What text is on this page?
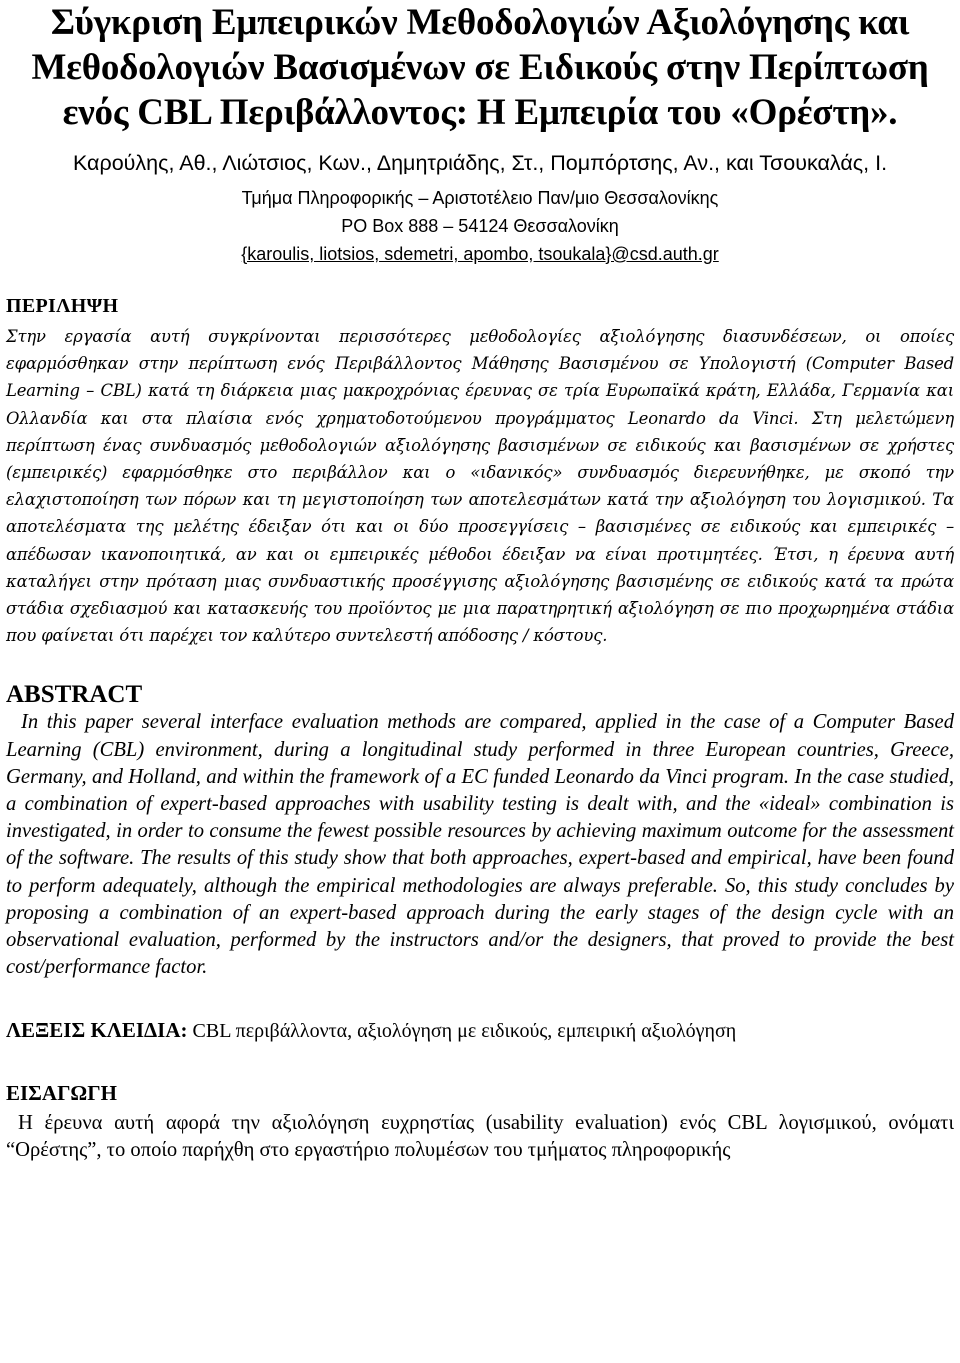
Σύγκριση Εμπειρικών Μεθοδολογιών Αξιολόγησης και Μεθοδολογιών Βασισμένων σε Ειδικούς στην Περίπτωση ενός CBL Περιβάλλοντος: Η Εμπειρία του «Ορέστη».
Καρούλης, Αθ., Λιώτσιος, Κων., Δημητριάδης, Στ., Πομπόρτσης, Αν., και Τσουκαλάς, Ι.
Τμήμα Πληροφορικής – Αριστοτέλειο Παν/μιο Θεσσαλονίκης
PO Box 888 – 54124 Θεσσαλονίκη
{karoulis, liotsios, sdemetri, apombo, tsoukala}@csd.auth.gr
ΠΕΡΙΛΗΨΗ
Στην εργασία αυτή συγκρίνονται περισσότερες μεθοδολογίες αξιολόγησης διασυνδέσεων, οι οποίες εφαρμόσθηκαν στην περίπτωση ενός Περιβάλλοντος Μάθησης Βασισμένου σε Υπολογιστή (Computer Based Learning – CBL) κατά τη διάρκεια μιας μακροχρόνιας έρευνας σε τρία Ευρωπαϊκά κράτη, Ελλάδα, Γερμανία και Ολλανδία και στα πλαίσια ενός χρηματοδοτούμενου προγράμματος Leonardo da Vinci. Στη μελετώμενη περίπτωση ένας συνδυασμός μεθοδολογιών αξιολόγησης βασισμένων σε ειδικούς και βασισμένων σε χρήστες (εμπειρικές) εφαρμόσθηκε στο περιβάλλον και ο «ιδανικός» συνδυασμός διερευνήθηκε, με σκοπό την ελαχιστοποίηση των πόρων και τη μεγιστοποίηση των αποτελεσμάτων κατά την αξιολόγηση του λογισμικού. Τα αποτελέσματα της μελέτης έδειξαν ότι και οι δύο προσεγγίσεις – βασισμένες σε ειδικούς και εμπειρικές – απέδωσαν ικανοποιητικά, αν και οι εμπειρικές μέθοδοι έδειξαν να είναι προτιμητέες. Έτσι, η έρευνα αυτή καταλήγει στην πρόταση μιας συνδυαστικής προσέγγισης αξιολόγησης βασισμένης σε ειδικούς κατά τα πρώτα στάδια σχεδιασμού και κατασκευής του προϊόντος με μια παρατηρητική αξιολόγηση σε πιο προχωρημένα στάδια που φαίνεται ότι παρέχει τον καλύτερο συντελεστή απόδοσης / κόστους.
ABSTRACT
In this paper several interface evaluation methods are compared, applied in the case of a Computer Based Learning (CBL) environment, during a longitudinal study performed in three European countries, Greece, Germany, and Holland, and within the framework of a EC funded Leonardo da Vinci program. In the case studied, a combination of expert-based approaches with usability testing is dealt with, and the «ideal» combination is investigated, in order to consume the fewest possible resources by achieving maximum outcome for the assessment of the software. The results of this study show that both approaches, expert-based and empirical, have been found to perform adequately, although the empirical methodologies are always preferable. So, this study concludes by proposing a combination of an expert-based approach during the early stages of the design cycle with an observational evaluation, performed by the instructors and/or the designers, that proved to provide the best cost/performance factor.
ΛΕΞΕΙΣ ΚΛΕΙΔΙΑ: CBL περιβάλλοντα, αξιολόγηση με ειδικούς, εμπειρική αξιολόγηση
ΕΙΣΑΓΩΓΗ
Η έρευνα αυτή αφορά την αξιολόγηση ευχρηστίας (usability evaluation) ενός CBL λογισμικού, ονόματι “Ορέστης”, το οποίο παρήχθη στο εργαστήριο πολυμέσων του τμήματος πληροφορικής
